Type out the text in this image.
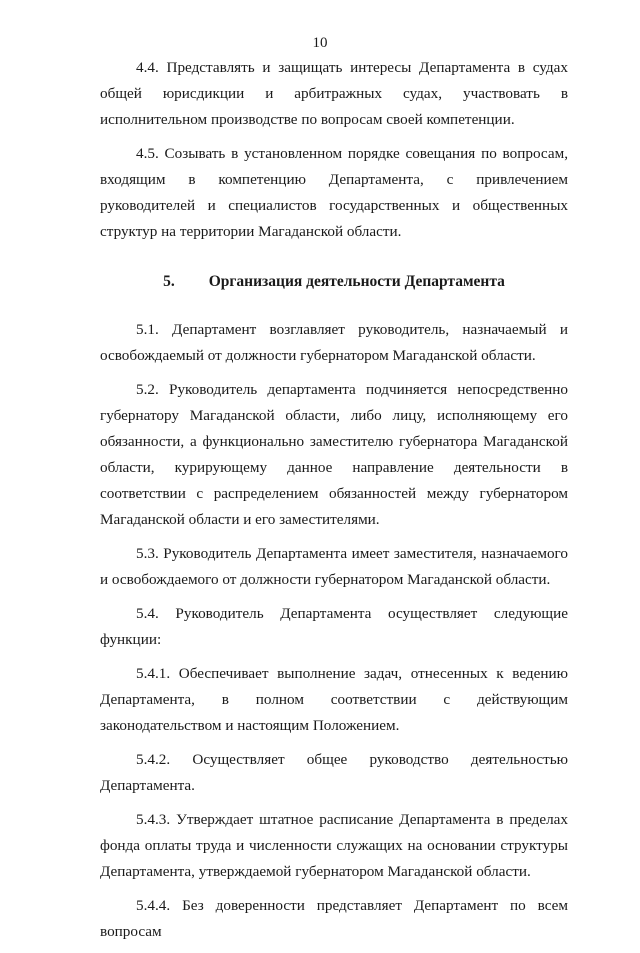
10

4.4. Представлять и защищать интересы Департамента в судах общей юрисдикции и арбитражных судах, участвовать в исполнительном производстве по вопросам своей компетенции.

4.5. Созывать в установленном порядке совещания по вопросам, входящим в компетенцию Департамента, с привлечением руководителей и специалистов государственных и общественных структур на территории Магаданской области.

5. Организация деятельности Департамента

5.1. Департамент возглавляет руководитель, назначаемый и освобождаемый от должности губернатором Магаданской области.

5.2. Руководитель департамента подчиняется непосредственно губернатору Магаданской области, либо лицу, исполняющему его обязанности, а функционально заместителю губернатора Магаданской области, курирующему данное направление деятельности в соответствии с распределением обязанностей между губернатором Магаданской области и его заместителями.

5.3. Руководитель Департамента имеет заместителя, назначаемого и освобождаемого от должности губернатором Магаданской области.

5.4. Руководитель Департамента осуществляет следующие функции:

5.4.1. Обеспечивает выполнение задач, отнесенных к ведению Департамента, в полном соответствии с действующим законодательством и настоящим Положением.

5.4.2. Осуществляет общее руководство деятельностью Департамента.

5.4.3. Утверждает штатное расписание Департамента в пределах фонда оплаты труда и численности служащих на основании структуры Департамента, утверждаемой губернатором Магаданской области.

5.4.4. Без доверенности представляет Департамент по всем вопросам
